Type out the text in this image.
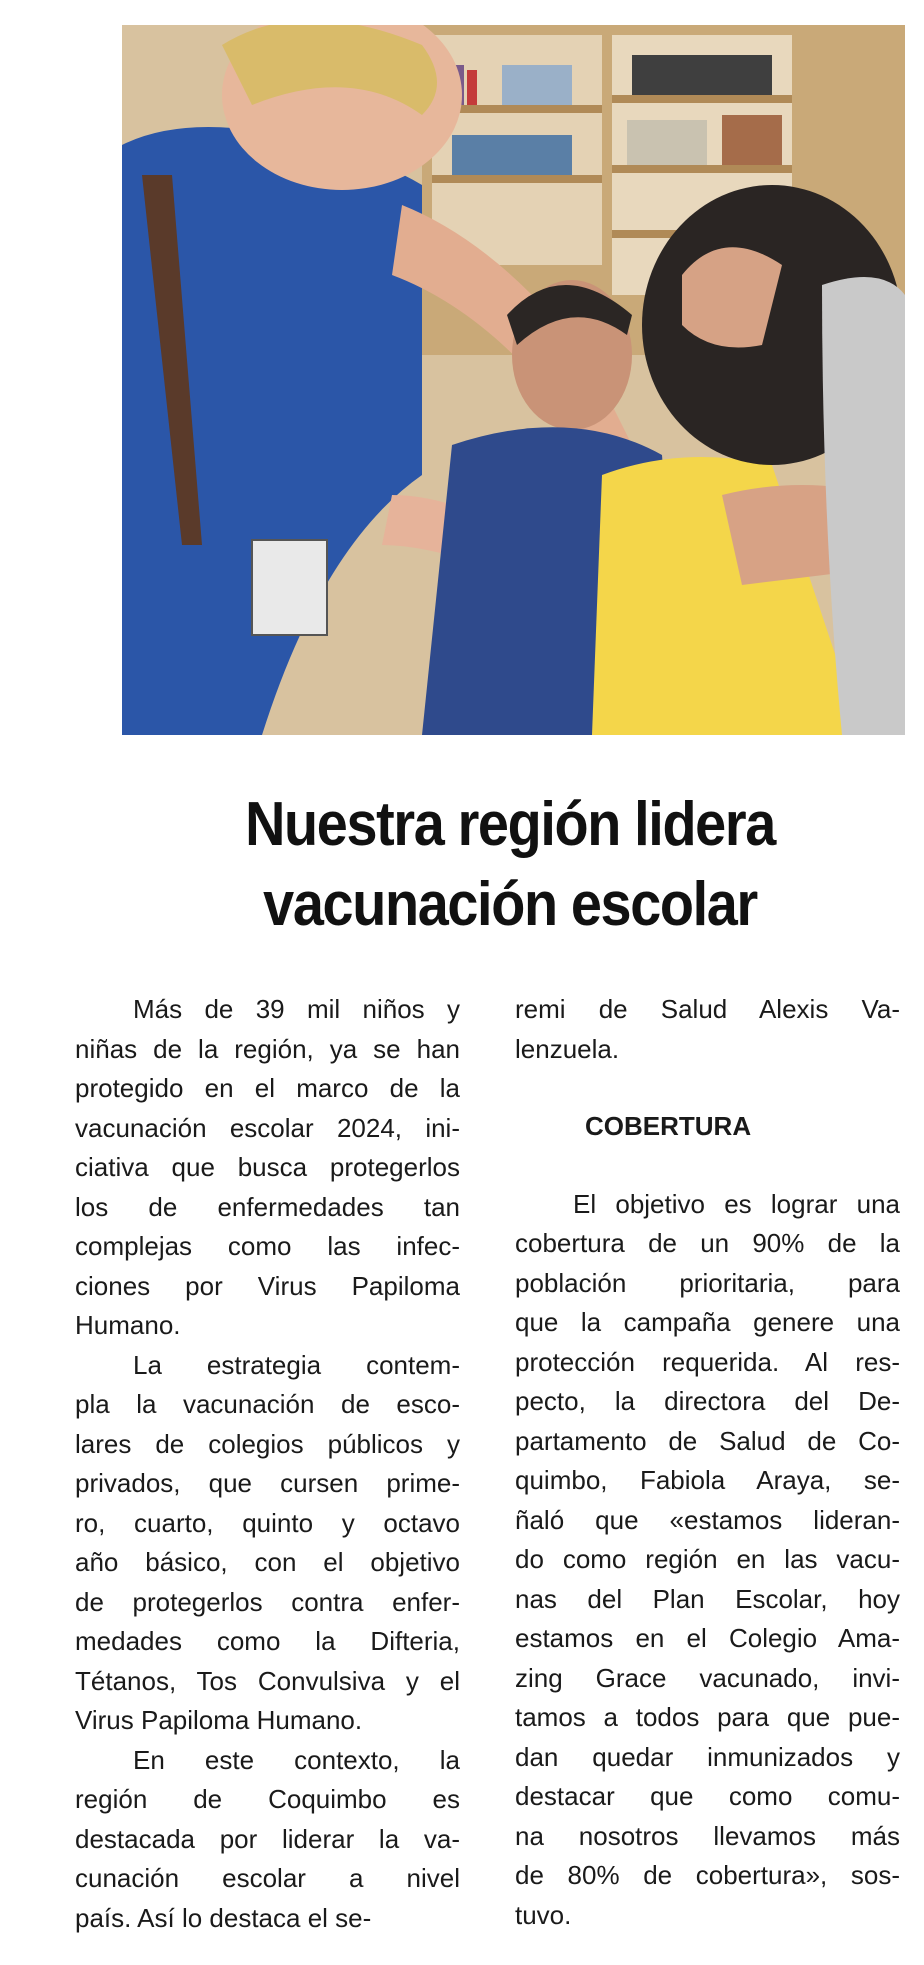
Nuestra región lidera
vacunación escolar

Más de 39 mil niños y
niñas de la región, ya se han
protegido en el marco de la
vacunación escolar 2024, ini-
ciativa que busca protegerlos
los de enfermedades tan
complejas como las infec-
ciones por Virus Papiloma
Humano.

La estrategia contem-
pla la vacunación de esco-
lares de colegios públicos y
privados, que cursen prime-
ro, cuarto, quinto y octavo
año básico, con el objetivo
de protegerlos contra enfer-
medades como la Difteria,
Tétanos, Tos Convulsiva y el
Virus Papiloma Humano.

En este contexto, la
región de Coquimbo es
destacada por liderar la va-
cunación escolar a nivel
país. Así lo destaca el se-

remi de Salud Alexis Va-
lenzuela.

COBERTURA

El objetivo es lograr una
cobertura de un 90% de la
población prioritaria, para
que la campaña genere una
protección requerida. Al res-
pecto, la directora del De-
partamento de Salud de Co-
quimbo, Fabiola Araya, se-
ñaló que «estamos lideran-
do como región en las vacu-
nas del Plan Escolar, hoy
estamos en el Colegio Ama-
zing Grace vacunado, invi-
tamos a todos para que pue-
dan quedar inmunizados y
destacar que como comu-
na nosotros llevamos más
de 80% de cobertura», sos-
tuvo.
